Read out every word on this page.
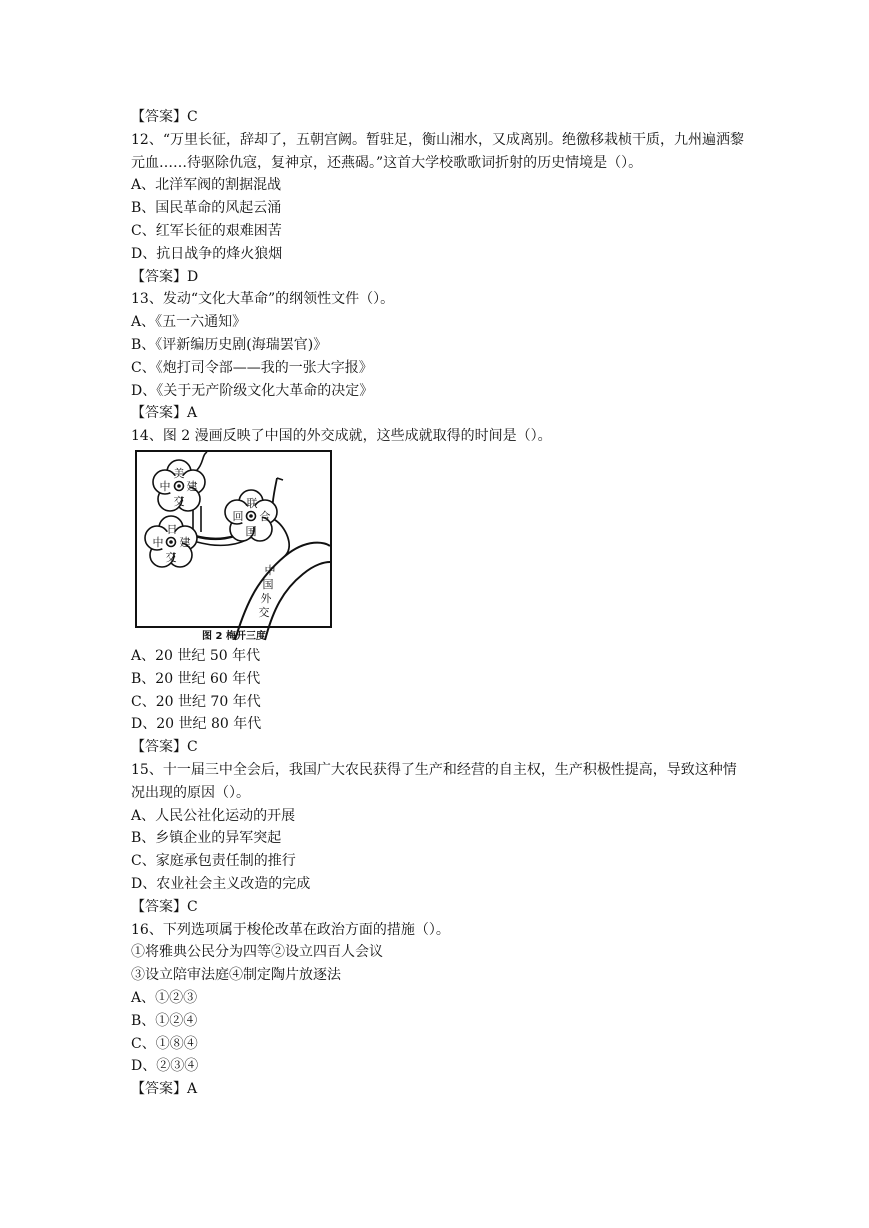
【答案】C
12、“万里长征，辞却了，五朝宫阙。暂驻足，衡山湘水，又成离别。绝徼移栽桢干质，九州遍洒黎元血……待驱除仇寇，复神京，还燕碣。”这首大学校歌歌词折射的历史情境是（）。
A、北洋军阀的割据混战
B、国民革命的风起云涌
C、红军长征的艰难困苦
D、抗日战争的烽火狼烟
【答案】D
13、发动“文化大革命”的纲领性文件（）。
A、《五一六通知》
B、《评新编历史剧(海瑞罢官)》
C、《炮打司令部——我的一张大字报》
D、《关于无产阶级文化大革命的决定》
【答案】A
14、图 2 漫画反映了中国的外交成就，这些成就取得的时间是（）。
美
中 建
交	联
回 合
国
日
中 建
交
中
国
外
交
图 2 梅开三度
A、20 世纪 50 年代
B、20 世纪 60 年代
C、20 世纪 70 年代
D、20 世纪 80 年代
【答案】C
15、十一届三中全会后，我国广大农民获得了生产和经营的自主权，生产积极性提高，导致这种情况出现的原因（）。
A、人民公社化运动的开展
B、乡镇企业的异军突起
C、家庭承包责任制的推行
D、农业社会主义改造的完成
【答案】C
16、下列选项属于梭伦改革在政治方面的措施（）。
①将雅典公民分为四等②设立四百人会议
③设立陪审法庭④制定陶片放逐法
A、①②③
B、①②④
C、①⑧④
D、②③④
【答案】A
